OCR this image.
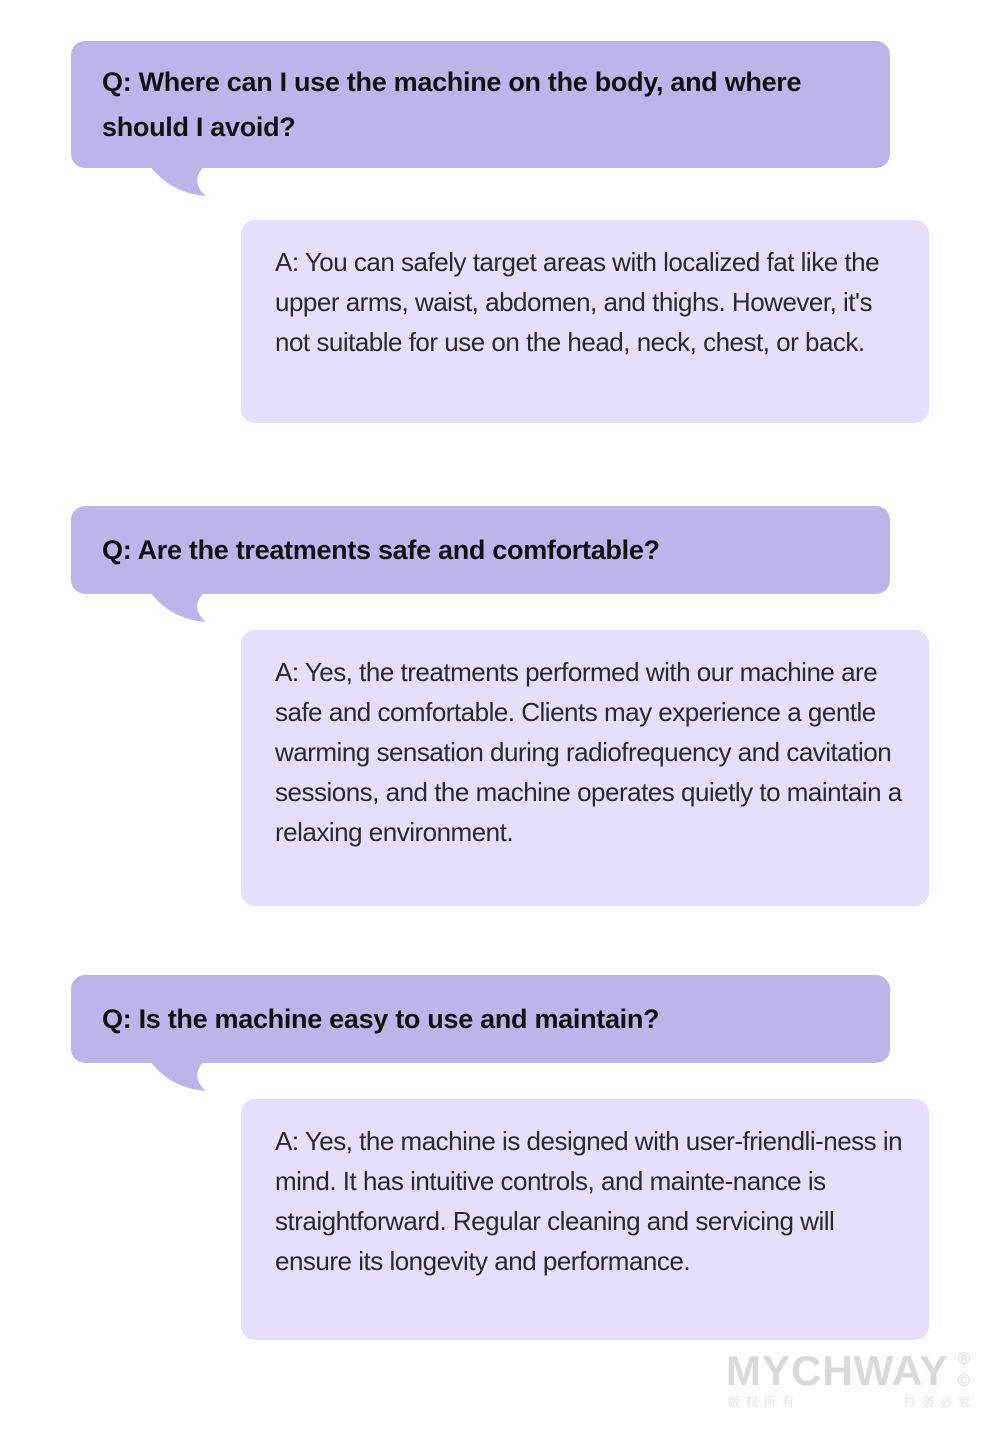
Q: Where can I use the machine on the body, and where should I avoid?
A: You can safely target areas with localized fat like the upper arms, waist, abdomen, and thighs. However, it's not suitable for use on the head, neck, chest, or back.
Q: Are the treatments safe and comfortable?
A: Yes, the treatments performed with our machine are safe and comfortable. Clients may experience a gentle warming sensation during radiofrequency and cavitation sessions, and the machine operates quietly to maintain a relaxing environment.
Q: Is the machine easy to use and maintain?
A: Yes, the machine is designed with user-friendli-ness in mind. It has intuitive controls, and mainte-nance is straightforward. Regular cleaning and servicing will ensure its longevity and performance.
MYCHWAY ®
©
版权所有	抄袭必究
